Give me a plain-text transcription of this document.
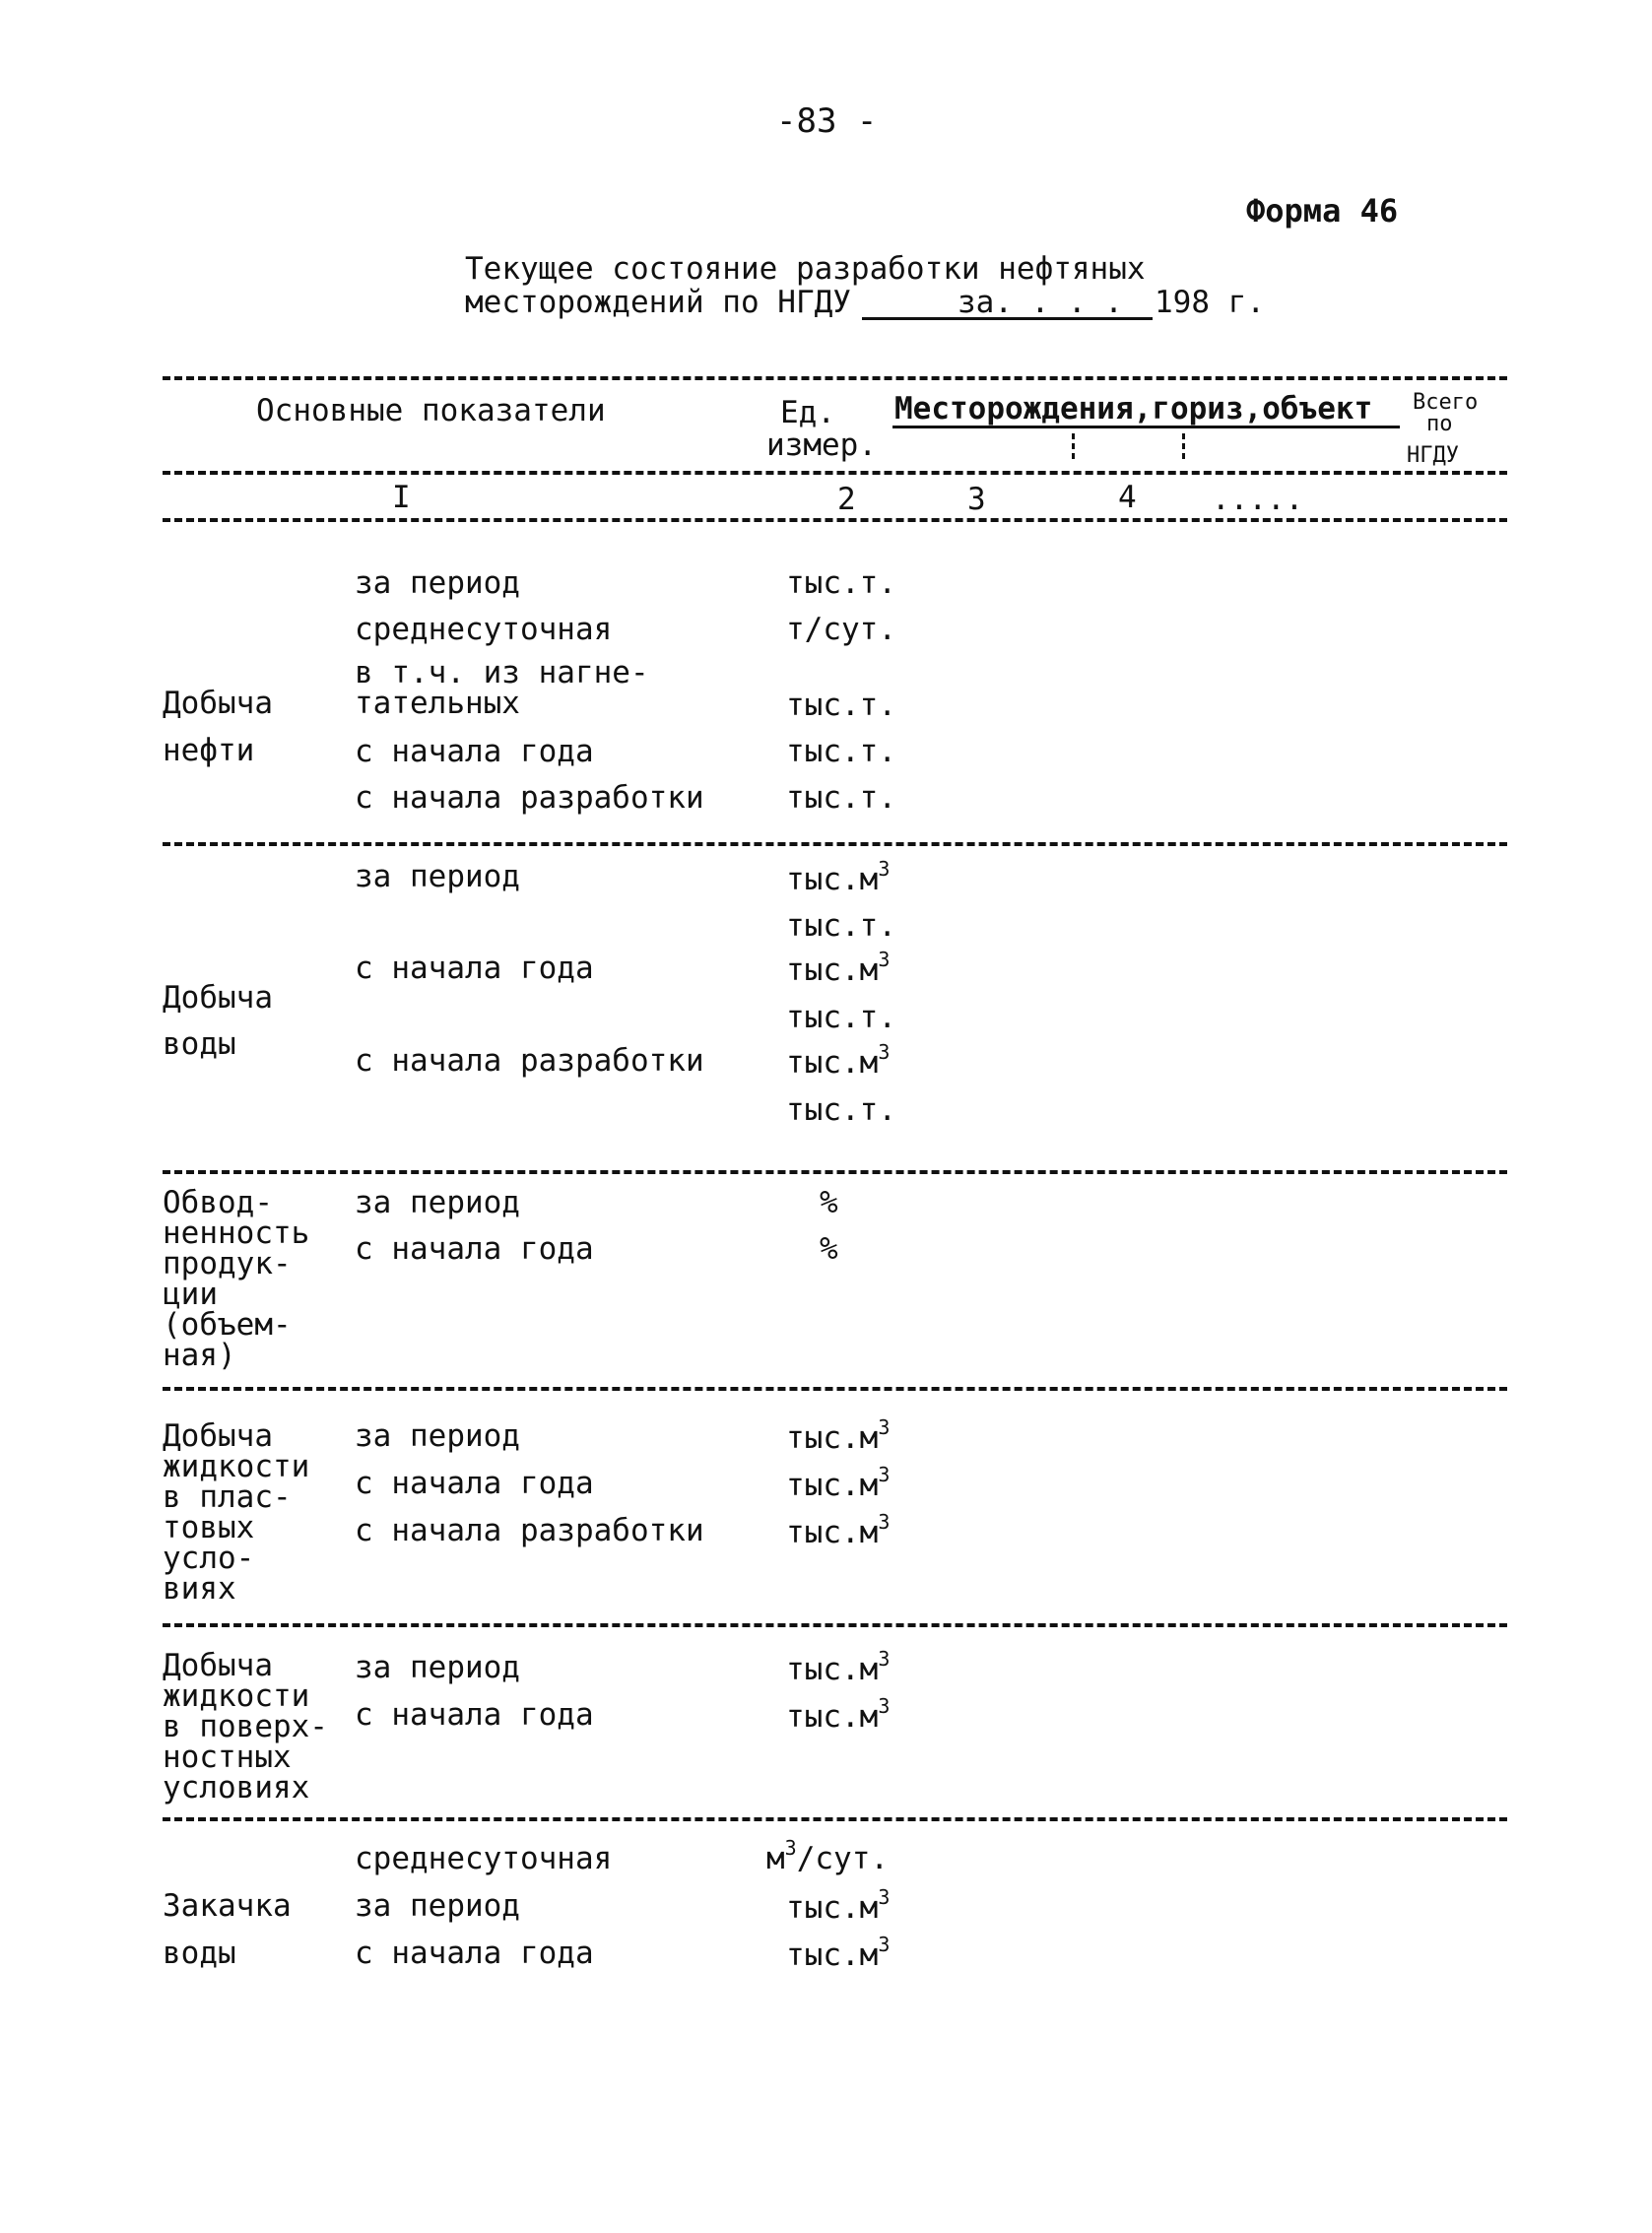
-83 -
Форма 46
Текущее состояние разработки нефтяных
месторождений по НГДУ	за. . . . 198 г.
Основные показатели	Ед.
измер.
Месторождения,гориз,объект Всего
по
НГДУ
I	2	3	4 .....
Добыча
нефти
за период	тыс.т.
среднесуточная	т/сут.
в т.ч. из нагне-
тательных	тыс.т.
с начала года	тыс.т.
с начала разработки	тыс.т.
Добыча
воды
за период	$тыс.м^3$
тыс.т.
с начала года	$тыс.м^3$
тыс.т.
с начала разработки	$тыс.м^3$
тыс.т.
Обвод-
ненность
продук-
ции
(объем-
ная)
за период	%
с начала года	%
Добыча
жидкости
в плас-
товых
усло-
виях
за период	$тыс.м^3$
с начала года	$тыс.м^3$
с начала разработки	$тыс.м^3$
Добыча
жидкости
в поверх-
ностных
условиях
за период	$тыс.м^3$
с начала года	$тыс.м^3$
Закачка
воды
среднесуточная	$м^3$/сут.
за период	$тыс.м^3$
с начала года	$тыс.м^3$
